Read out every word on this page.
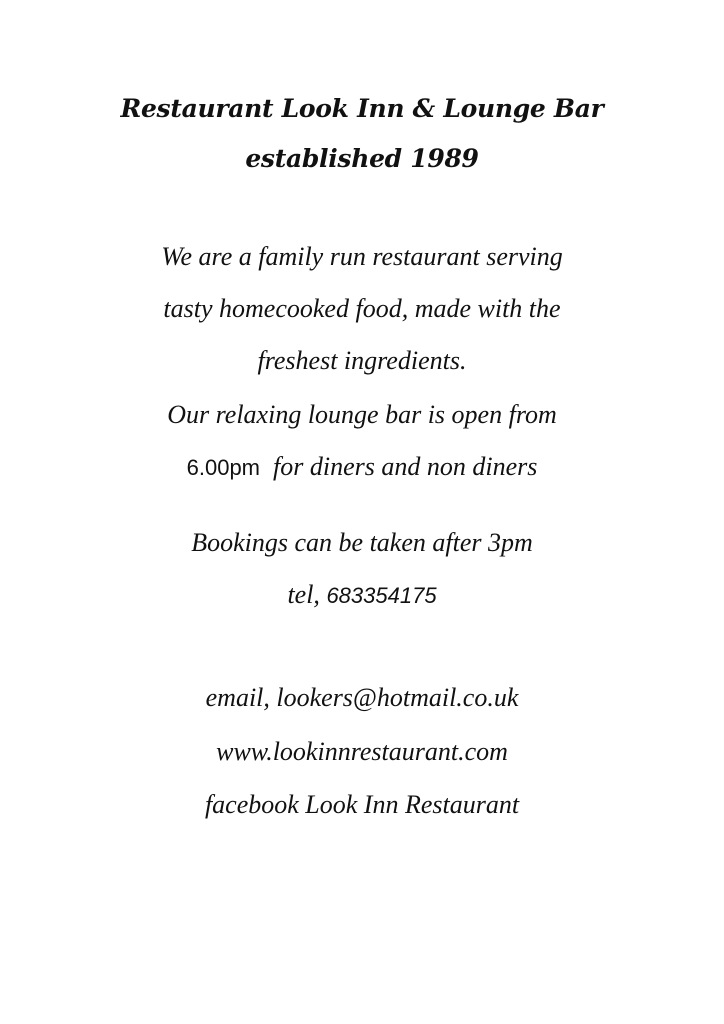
Restaurant Look Inn & Lounge Bar
established 1989
We are a family run restaurant serving
tasty homecooked food, made with the
freshest ingredients.
Our relaxing lounge bar is open from
6.00pm for diners and non diners
Bookings can be taken after 3pm
tel, 683354175
email, lookers@hotmail.co.uk
www.lookinnrestaurant.com
facebook Look Inn Restaurant
